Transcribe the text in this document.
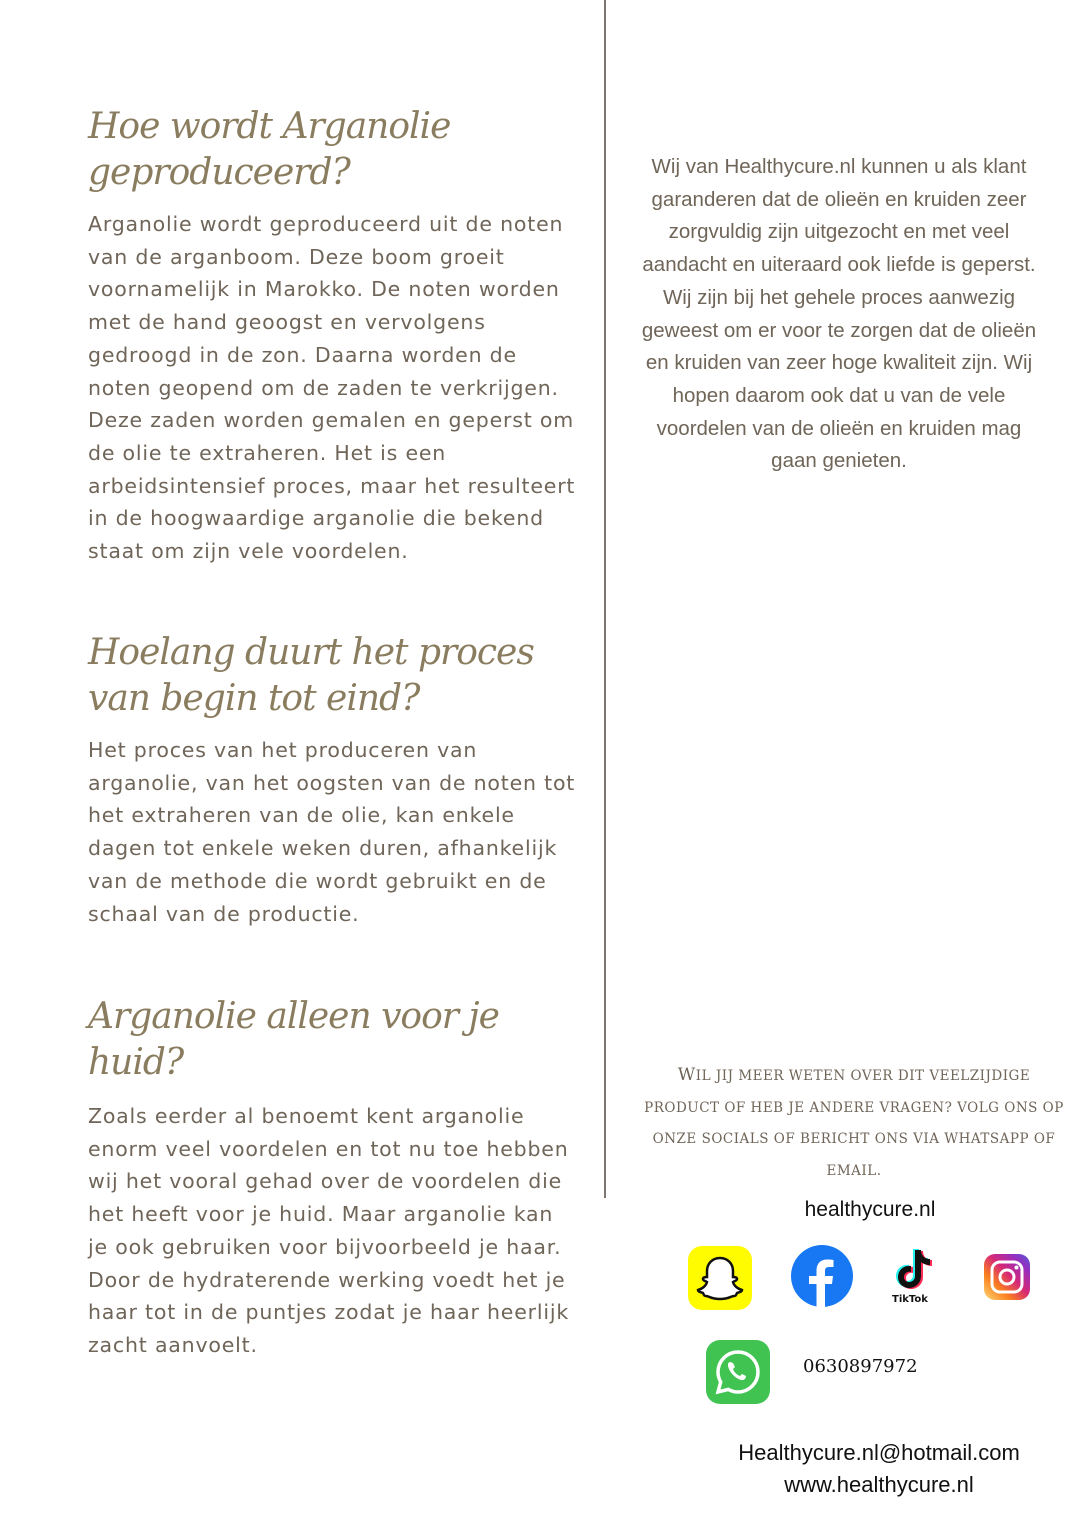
Hoe wordt Arganolie geproduceerd?

Arganolie wordt geproduceerd uit de noten van de arganboom. Deze boom groeit voornamelijk in Marokko. De noten worden met de hand geoogst en vervolgens gedroogd in de zon. Daarna worden de noten geopend om de zaden te verkrijgen. Deze zaden worden gemalen en geperst om de olie te extraheren. Het is een arbeidsintensief proces, maar het resulteert in de hoogwaardige arganolie die bekend staat om zijn vele voordelen.

Hoelang duurt het proces van begin tot eind?

Het proces van het produceren van arganolie, van het oogsten van de noten tot het extraheren van de olie, kan enkele dagen tot enkele weken duren, afhankelijk van de methode die wordt gebruikt en de schaal van de productie.

Arganolie alleen voor je huid?

Zoals eerder al benoemt kent arganolie enorm veel voordelen en tot nu toe hebben wij het vooral gehad over de voordelen die het heeft voor je huid. Maar arganolie kan je ook gebruiken voor bijvoorbeeld je haar. Door de hydraterende werking voedt het je haar tot in de puntjes zodat je haar heerlijk zacht aanvoelt.

Wij van Healthycure.nl kunnen u als klant garanderen dat de olieën en kruiden zeer zorgvuldig zijn uitgezocht en met veel aandacht en uiteraard ook liefde is geperst. Wij zijn bij het gehele proces aanwezig geweest om er voor te zorgen dat de olieën en kruiden van zeer hoge kwaliteit zijn. Wij hopen daarom ook dat u van de vele voordelen van de olieën en kruiden mag gaan genieten.

WIL JIJ MEER WETEN OVER DIT VEELZIJDIGE PRODUCT OF HEB JE ANDERE VRAGEN? VOLG ONS OP ONZE SOCIALS OF BERICHT ONS VIA WHATSAPP OF EMAIL.

healthycure.nl
TikTok
0630897972
Healthycure.nl@hotmail.com
www.healthycure.nl
